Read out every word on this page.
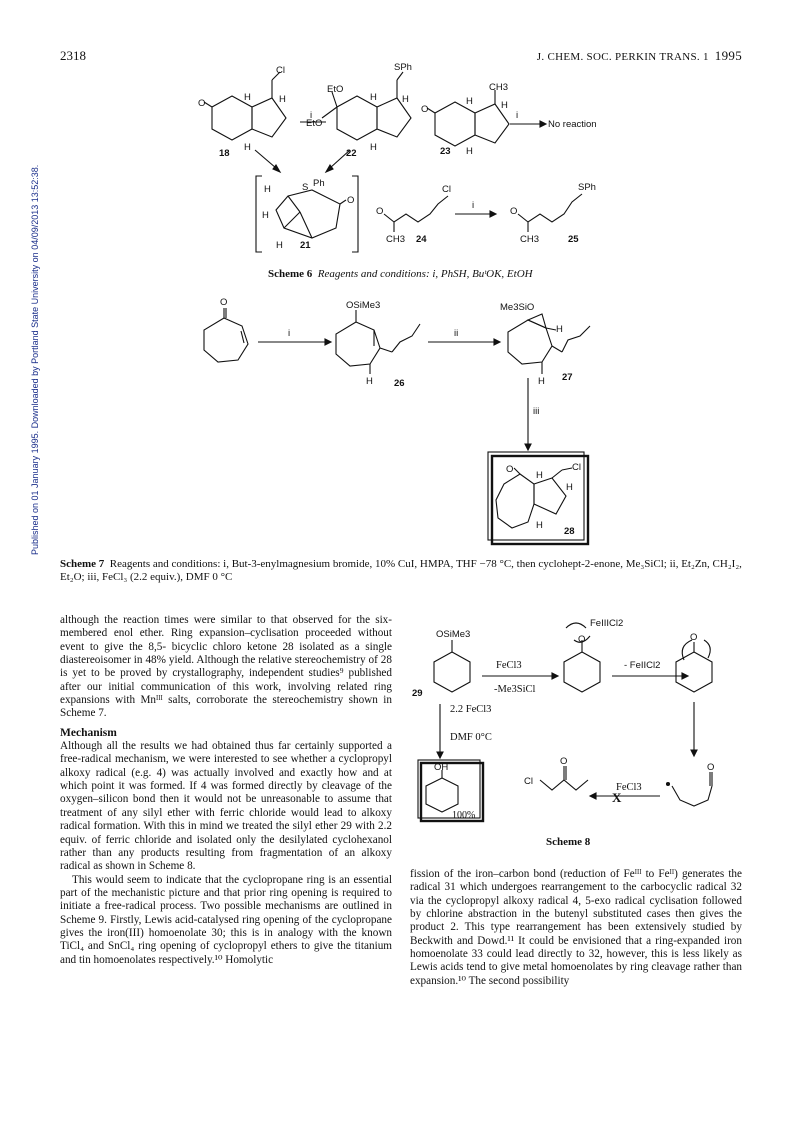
2318	J. CHEM. SOC. PERKIN TRANS. 1 1995
Published on 01 January 1995. Downloaded by Portland State University on 04/09/2013 13:52:38.
O
Cl
H	H
H
18
i
EtO
EtO
SPh
H	H
H
22
O
CH3
H	H
H
23
i
No reaction
O
H	S Ph
H
H 21
O
Cl
CH3 24
i
O
SPh
CH3	25
O
i
OSiMe3
H 26
ii
Me3SiO
H
H 27
iii
O	Cl
H
H
H
28
OSiMe3
29
FeCl3
-Me3SiCl
O
FeIIICl2
- FeIICl2
O
2.2 FeCl3
DMF 0°C
OH
100%
Cl
O
X
FeCl3
O
Scheme 6 Reagents and conditions: i, PhSH, BuᵗOK, EtOH
Scheme 7 Reagents and conditions: i, But-3-enylmagnesium bromide, 10% CuI, HMPA, THF −78 °C, then cyclohept-2-enone, Me₃SiCl; ii, Et₂Zn, CH₂I₂, Et₂O; iii, FeCl₃ (2.2 equiv.), DMF 0 °C
Scheme 8

although the reaction times were similar to that observed for the six-membered enol ether. Ring expansion–cyclisation proceeded without event to give the 8,5- bicyclic chloro ketone 28 isolated as a single diastereoisomer in 48% yield. Although the relative stereochemistry of 28 is yet to be proved by crystallography, independent studies⁹ published after our initial communication of this work, involving related ring expansions with Mnᴵᴵᴵ salts, corroborate the stereochemistry shown in Scheme 7.

Mechanism

Although all the results we had obtained thus far certainly supported a free-radical mechanism, we were interested to see whether a cyclopropyl alkoxy radical (e.g. 4) was actually involved and exactly how and at which point it was formed. If 4 was formed directly by cleavage of the oxygen–silicon bond then it would not be unreasonable to assume that treatment of any silyl ether with ferric chloride would lead to alkoxy radical formation. With this in mind we treated the silyl ether 29 with 2.2 equiv. of ferric chloride and isolated only the desilylated cyclohexanol rather than any products resulting from fragmentation of an alkoxy radical as shown in Scheme 8.

This would seem to indicate that the cyclopropane ring is an essential part of the mechanistic picture and that prior ring opening is required to initiate a free-radical process. Two possible mechanisms are outlined in Scheme 9. Firstly, Lewis acid-catalysed ring opening of the cyclopropane gives the iron(III) homoenolate 30; this is in analogy with the known TiCl₄ and SnCl₄ ring opening of cyclopropyl ethers to give the titanium and tin homoenolates respectively.¹⁰ Homolytic

fission of the iron–carbon bond (reduction of Feᴵᴵᴵ to Feᴵᴵ) generates the radical 31 which undergoes rearrangement to the carbocyclic radical 32 via the cyclopropyl alkoxy radical 4, 5-exo radical cyclisation followed by chlorine abstraction in the butenyl substituted cases then gives the product 2. This type rearrangement has been extensively studied by Beckwith and Dowd.¹¹ It could be envisioned that a ring-expanded iron homoenolate 33 could lead directly to 32, however, this is less likely as Lewis acids tend to give metal homoenolates by ring cleavage rather than expansion.¹⁰ The second possibility
